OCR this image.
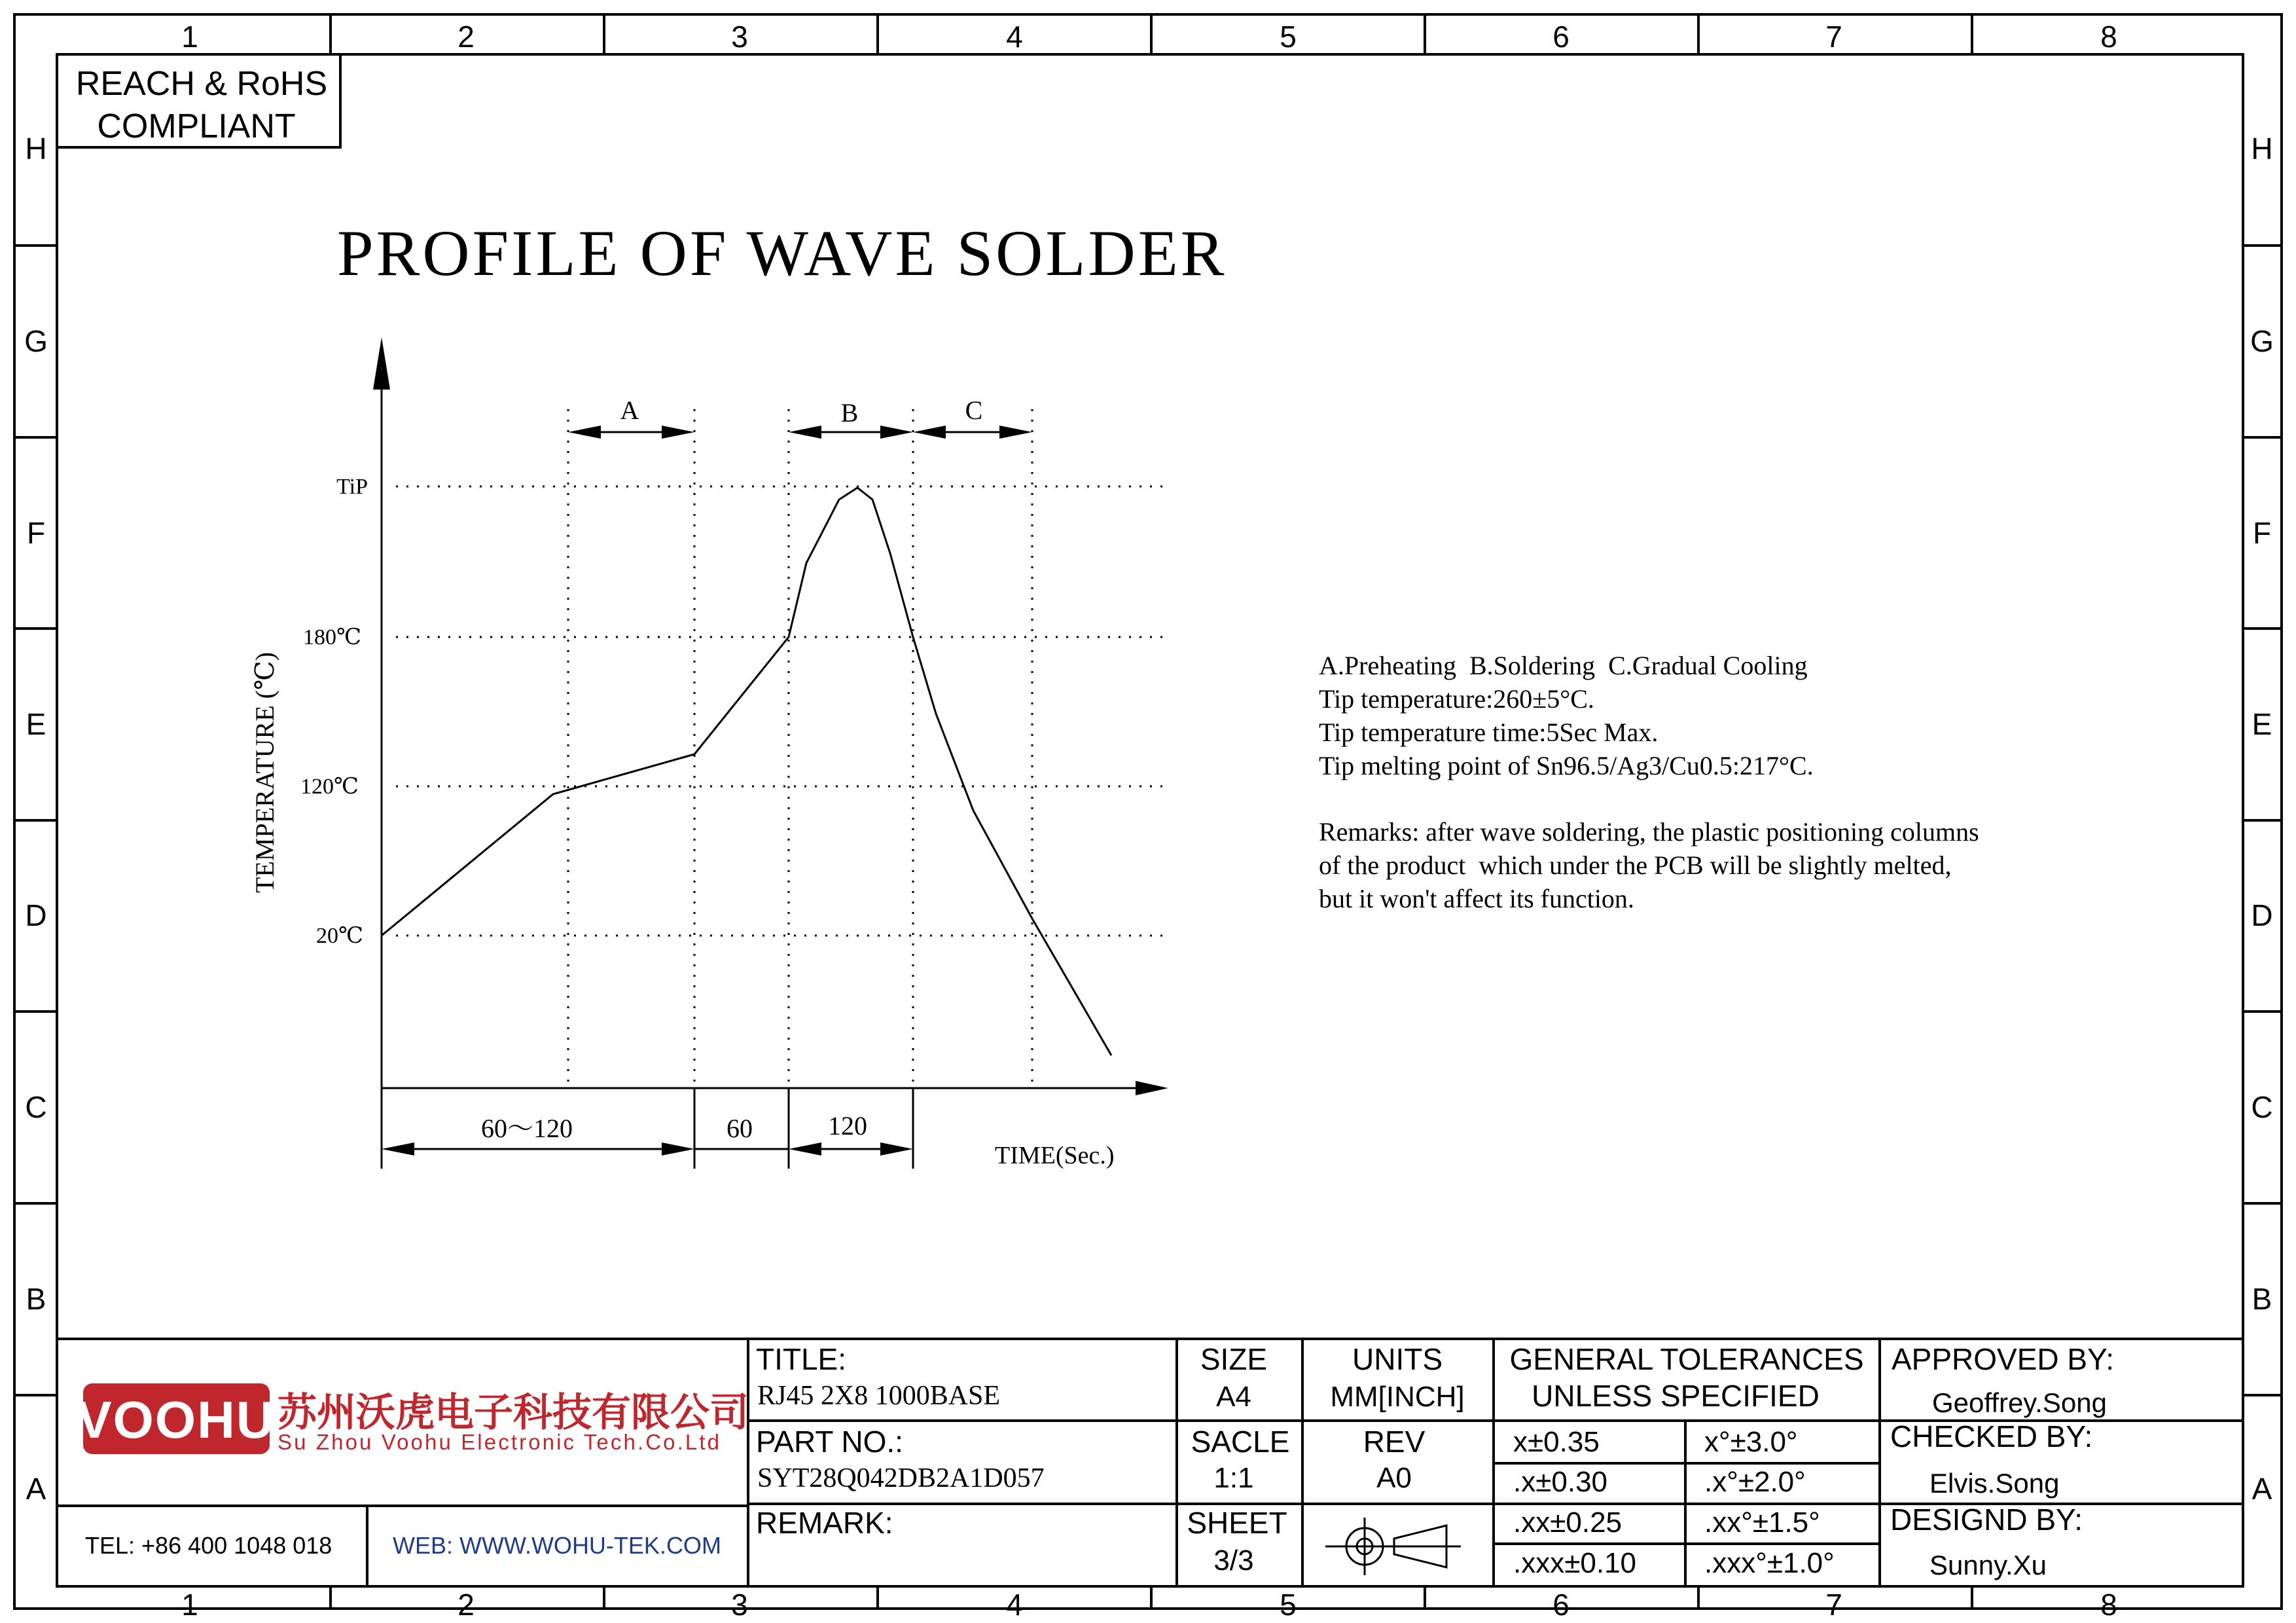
1
1
2
2
3
3
4
4
5
5
6
6
7
7
8
8
H	H
G	G
F	F
E	E
D	D
C	C
B	B
A	A
REACH & RoHS
COMPLIANT
PROFILE OF WAVE SOLDER
TiP
180℃
120℃
20℃
TEMPERATURE (℃)
TIME(Sec.)
A	B	C
60～120	60	120
A.Preheating  B.Soldering  C.Gradual Cooling
Tip temperature:260±5°C.
Tip temperature time:5Sec Max.
Tip melting point of Sn96.5/Ag3/Cu0.5:217°C.
Remarks: after wave soldering, the plastic positioning columns
of the product  which under the PCB will be slightly melted,
but it won't affect its function.
VOOHU 苏州沃虎电子科技有限公司
Su Zhou Voohu Electronic Tech.Co.Ltd
TEL: +86 400 1048 018	WEB: WWW.WOHU-TEK.COM
TITLE:
RJ45 2X8 1000BASE
PART NO.:
SYT28Q042DB2A1D057
REMARK:
SIZE
A4
SACLE
1:1
SHEET
3/3
UNITS
MM[INCH]
REV
A0
GENERAL TOLERANCES
UNLESS SPECIFIED
x±0.35	x°±3.0°
.x±0.30	.x°±2.0°
.xx±0.25	.xx°±1.5°
.xxx±0.10 .xxx°±1.0°
APPROVED BY:
Geoffrey.Song
CHECKED BY:
Elvis.Song
DESIGND BY:
Sunny.Xu
